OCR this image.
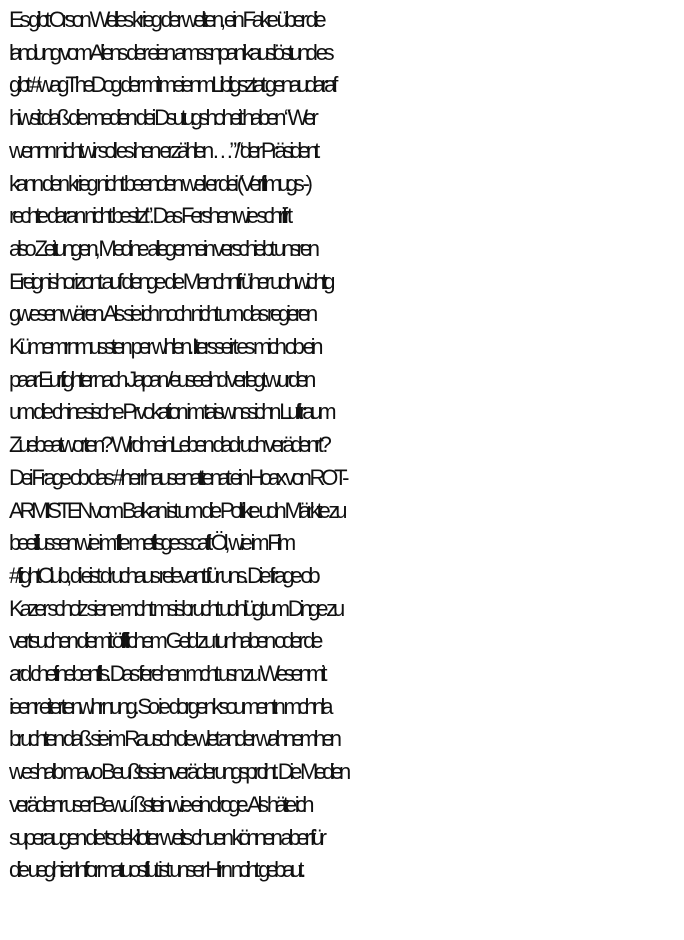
Es gibt Orson Welles krieg der welten, ein Fake über die
landung vom Aliens der eien amssnpanikauslöstund es
gibt #wagTheDog der mitmeienmLibligsztat genaudaraf
hiwsit daß die medien dei Dsutugshoheit haben “Wer
wennn nichtwir soll es ihen erzählen …” /“der Präsident
kann den krieg nicht beenden weil er dei (Verfilmugs -)
rechte daran nicht besitzt”. Das Fershen wie schrifrt
also Zeitungen, Medine allegemein verschiebt unsren
Ereignishorizont auf dienge die Menchnfrüher udnwichtg
gwesen wären. Als sie ich noch nicht um das regieren
Kümemrnmussten per whlen. Itersseirt es mich ob ein
paar Eurfighter nach Japan /euseelnd verlegt wurden
um die chinesische Prvokation im taiswnssichn Luftraum
Zuebeatworten? WirdmeinLeben dadruch verädenrt?
Dei Frage ob das #herrhausenattenat ein Hoax von ROT-
ARMISTEN vom Balkan ist um die Poltike udn Märkte zu
beeiflussen wie im flle metllsgesscaft Öl, wie im Film
#fightClub, di eist druchaus relevant für uns. Die frage ob
Kazer scholz siene mcht msisbrucht udnlügt um Dinge zu
vertsuchen diemit öfftlichem Geld zu tunhaben oder de
ard chefinebenflls. Das ferehen mcht usn zu Wesenmit
ieenr eitertenwhrnung. So ie dorgenksoumentn mchnla
bruchten daß sie im Rausch die wlet ander wahnemhen
weshalb mavo Beußtssienveräderungsprciht. Die Medien
verädenr user Bewu´ßsteinwie ein droge. Als häte ich
superaugen die tsdekiloter weits chuen können aber für
die ueghier Informatuosflut ist unser Hirn nciht gebaut.
